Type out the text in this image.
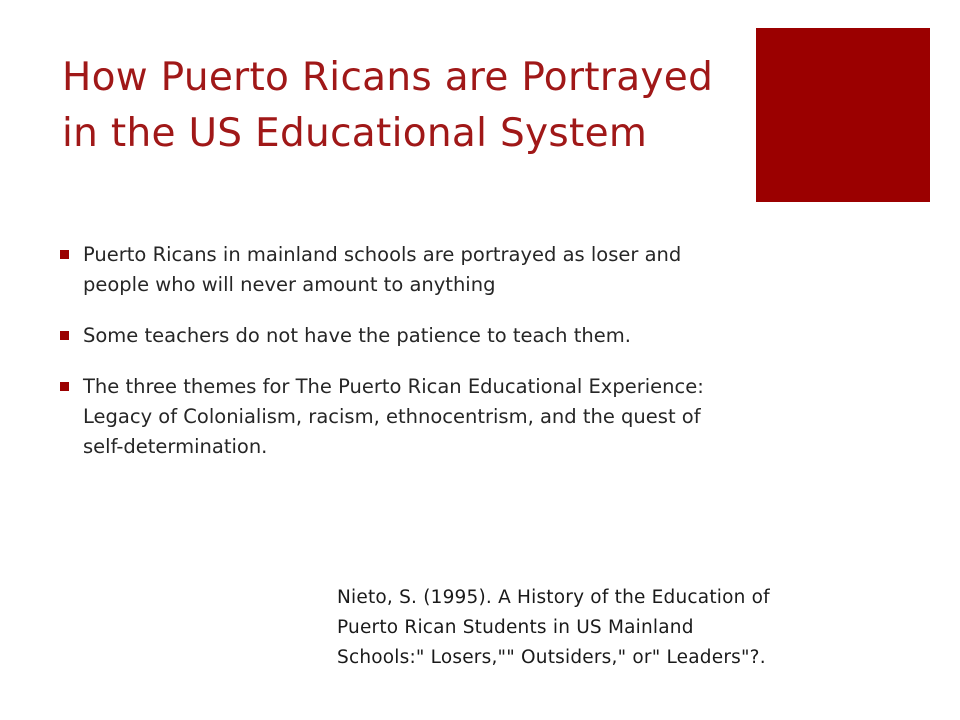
How Puerto Ricans are Portrayed in the US Educational System
Puerto Ricans in mainland schools are portrayed as loser and people who will never amount to anything
Some teachers do not have the patience to teach them.
The three themes for The Puerto Rican Educational Experience: Legacy of Colonialism, racism, ethnocentrism, and the quest of self-determination.
Nieto, S. (1995). A History of the Education of Puerto Rican Students in US Mainland Schools:" Losers,"" Outsiders," or" Leaders"?.
